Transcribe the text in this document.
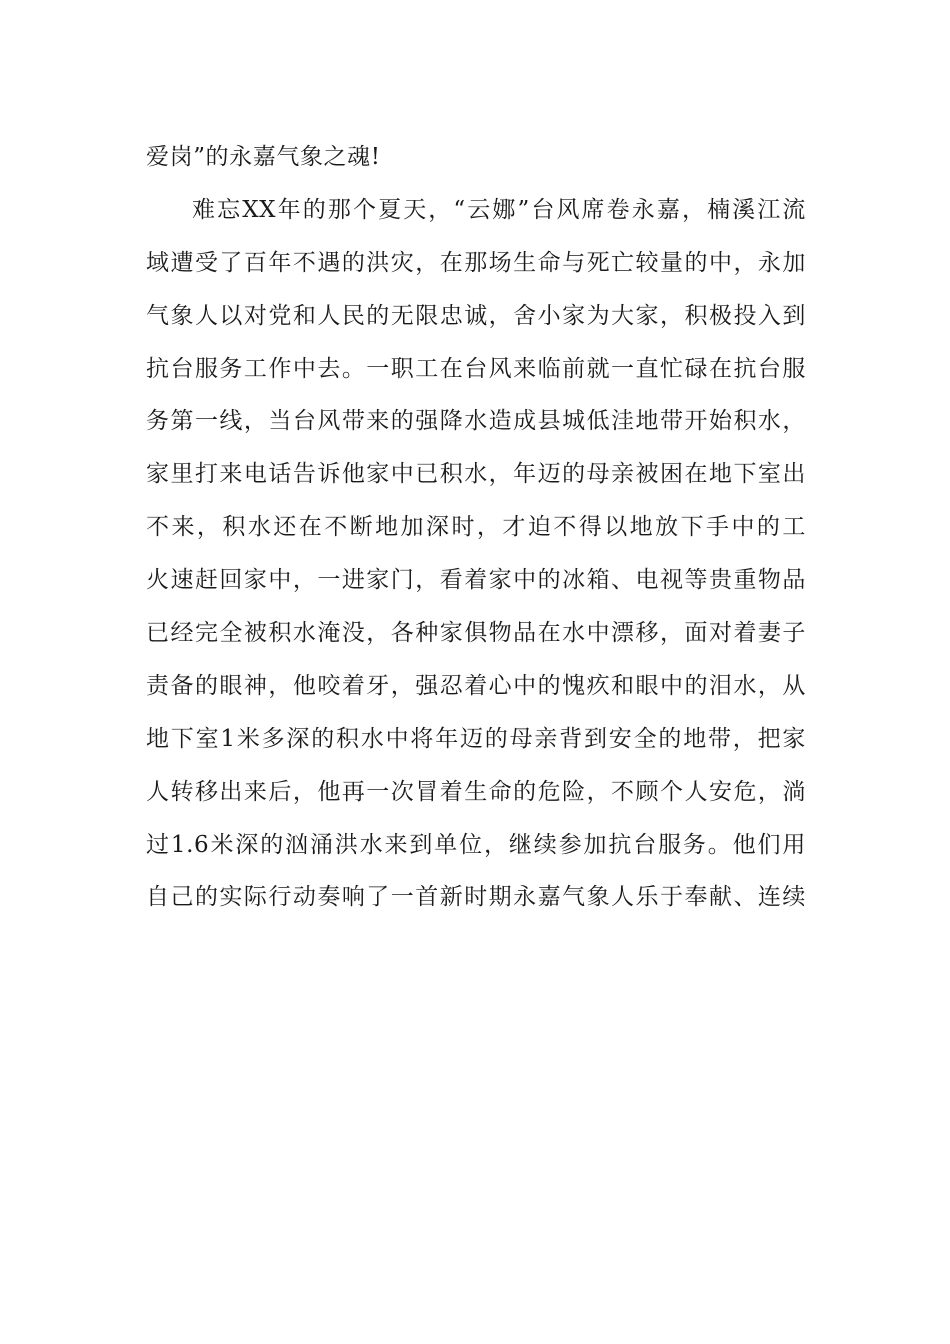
爱岗”的永嘉气象之魂!
难忘XX年的那个夏天，“云娜”台风席卷永嘉，楠溪江流
域遭受了百年不遇的洪灾，在那场生命与死亡较量的中，永加
气象人以对党和人民的无限忠诚，舍小家为大家，积极投入到
抗台服务工作中去。一职工在台风来临前就一直忙碌在抗台服
务第一线，当台风带来的强降水造成县城低洼地带开始积水，
家里打来电话告诉他家中已积水，年迈的母亲被困在地下室出
不来，积水还在不断地加深时，才迫不得以地放下手中的工
火速赶回家中，一进家门，看着家中的冰箱、电视等贵重物品
已经完全被积水淹没，各种家俱物品在水中漂移，面对着妻子
责备的眼神，他咬着牙，强忍着心中的愧疚和眼中的泪水，从
地下室1米多深的积水中将年迈的母亲背到安全的地带，把家
人转移出来后，他再一次冒着生命的危险，不顾个人安危，淌
过1.6米深的汹涌洪水来到单位，继续参加抗台服务。他们用
自己的实际行动奏响了一首新时期永嘉气象人乐于奉献、连续
